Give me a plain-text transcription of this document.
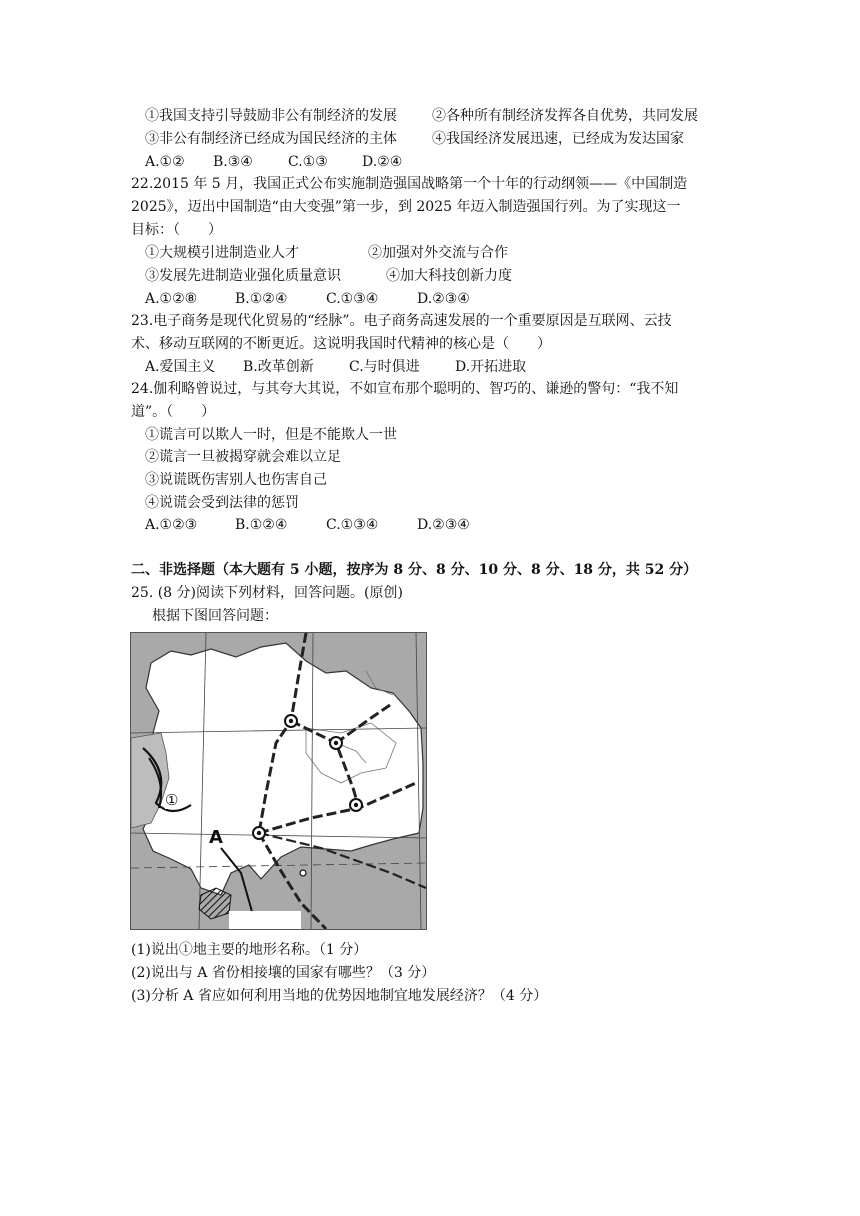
①我国支持引导鼓励非公有制经济的发展	②各种所有制经济发挥各自优势，共同发展
③非公有制经济已经成为国民经济的主体	④我国经济发展迅速，已经成为发达国家
A.①② B.③④	C.①③ D.②④
22.2015 年 5 月，我国正式公布实施制造强国战略第一个十年的行动纲领——《中国制造
2025》，迈出中国制造“由大变强”第一步，到 2025 年迈入制造强国行列。为了实现这一
目标：（　　）
①大规模引进制造业人才	②加强对外交流与合作
③发展先进制造业强化质量意识	④加大科技创新力度
A.①②⑧	B.①②④	C.①③④	D.②③④
23.电子商务是现代化贸易的“经脉”。电子商务高速发展的一个重要原因是互联网、云技
术、移动互联网的不断更近。这说明我国时代精神的核心是（　　）
A.爱国主义 B.改革创新	C.与时俱进	D.开拓进取
24.伽利略曾说过，与其夸大其说，不如宣布那个聪明的、智巧的、谦逊的警句：“我不知
道”。（　　）
①谎言可以欺人一时，但是不能欺人一世
②谎言一旦被揭穿就会难以立足
③说谎既伤害别人也伤害自己
④说谎会受到法律的惩罚
A.①②③	B.①②④	C.①③④	D.②③④
二、非选择题（本大题有 5 小题，按序为 8 分、8 分、10 分、8 分、18 分，共 52 分）
25. (8 分)阅读下列材料，回答问题。(原创)
根据下图回答问题：
A
①
(1)说出①地主要的地形名称。（1 分）
(2)说出与 A 省份相接壤的国家有哪些？（3 分）
(3)分析 A 省应如何利用当地的优势因地制宜地发展经济？（4 分）
